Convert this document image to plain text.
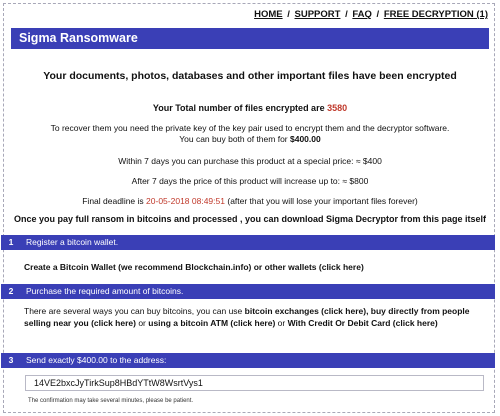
HOME / SUPPORT / FAQ / FREE DECRYPTION (1)
Sigma Ransomware
Your documents, photos, databases and other important files have been encrypted
Your Total number of files encrypted are 3580
To recover them you need the private key of the key pair used to encrypt them and the decryptor software.
You can buy both of them for $400.00
Within 7 days you can purchase this product at a special price: ≈ $400
After 7 days the price of this product will increase up to: ≈ $800
Final deadline is 20-05-2018 08:49:51 (after that you will lose your important files forever)
Once you pay full ransom in bitcoins and processed , you can download Sigma Decryptor from this page itself
1 Register a bitcoin wallet.
Create a Bitcoin Wallet (we recommend Blockchain.info) or other wallets (click here)
2 Purchase the required amount of bitcoins.
There are several ways you can buy bitcoins, you can use bitcoin exchanges (click here), buy directly from people selling near you (click here) or using a bitcoin ATM (click here) or With Credit Or Debit Card (click here)
3 Send exactly $400.00 to the address:
14VE2bxcJyTirkSup8HBdYTtW8WsrtVys1
The confirmation may take several minutes, please be patient.
